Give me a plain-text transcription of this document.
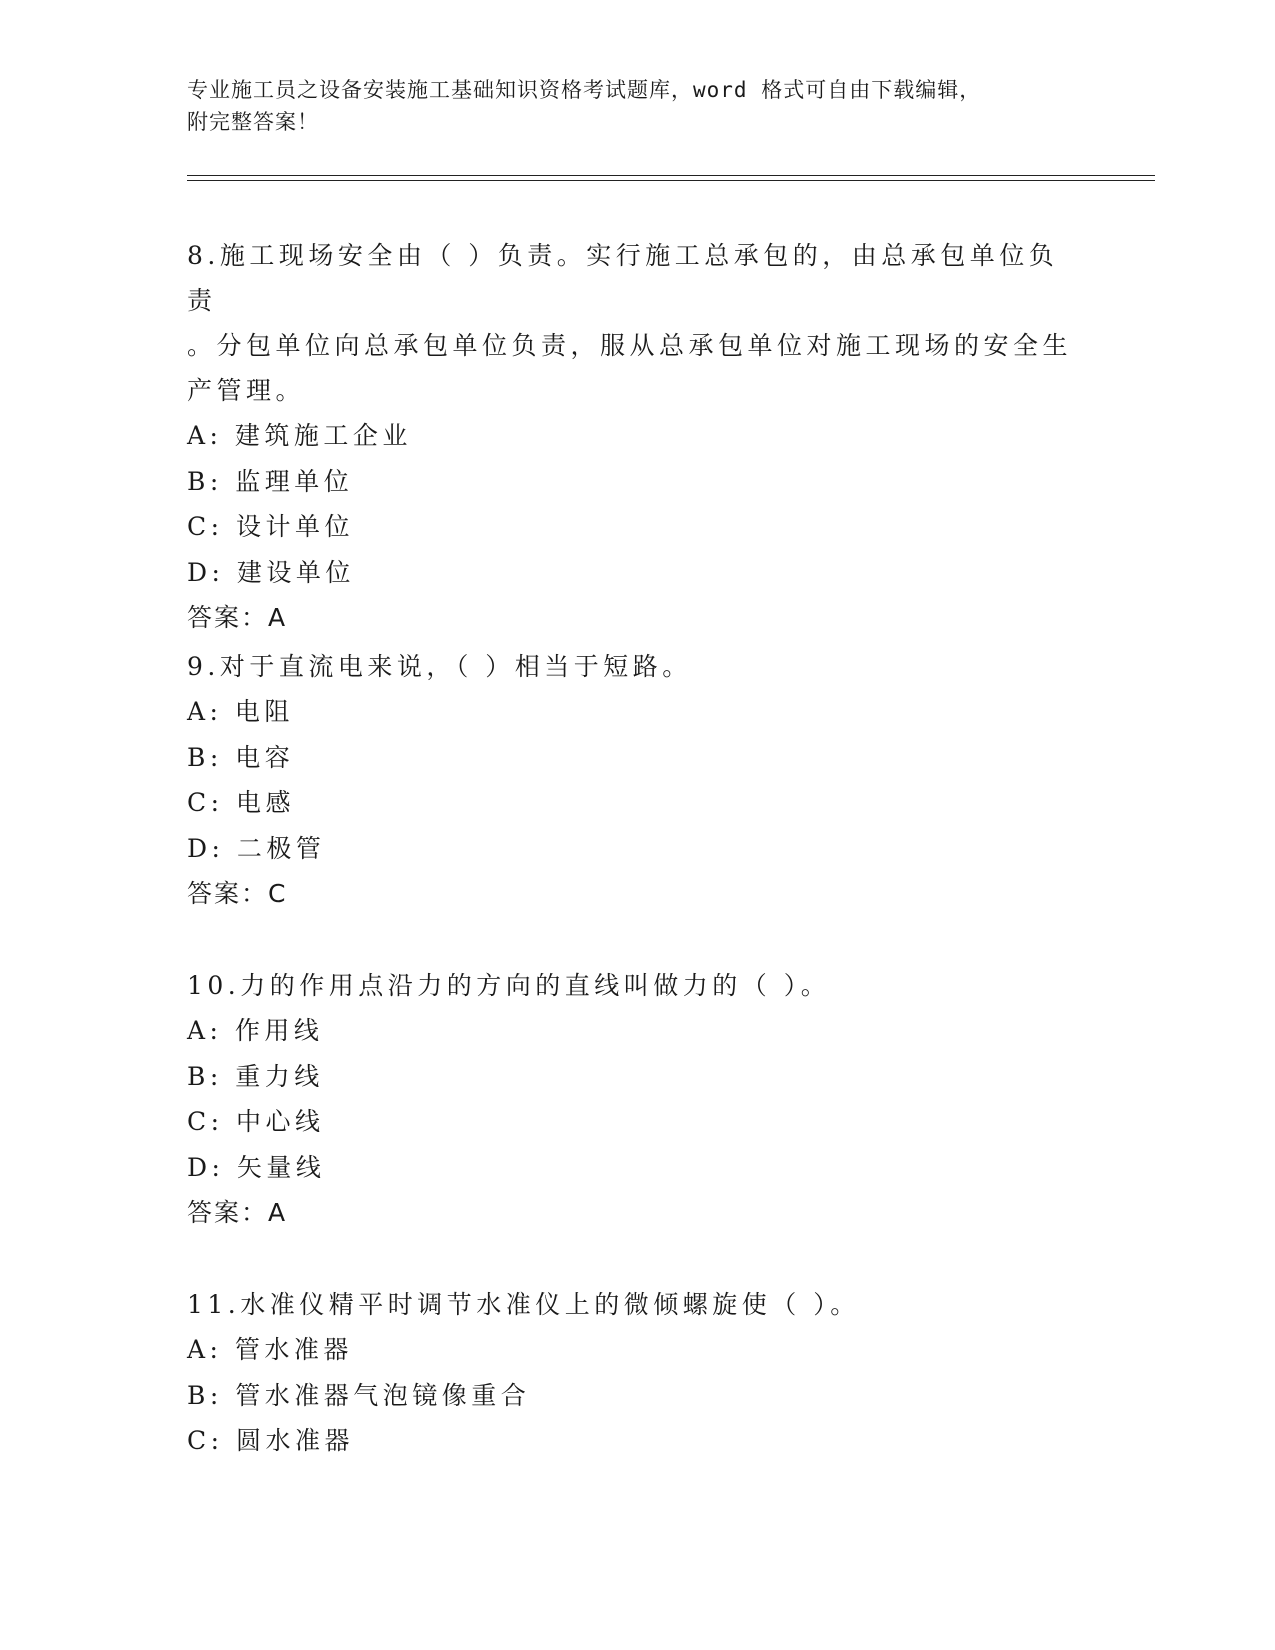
专业施工员之设备安装施工基础知识资格考试题库，word 格式可自由下载编辑，
附完整答案！

8.施工现场安全由（ ）负责。实行施工总承包的，由总承包单位负责

。分包单位向总承包单位负责，服从总承包单位对施工现场的安全生

产管理。

A: 建筑施工企业

B: 监理单位

C: 设计单位

D: 建设单位

答案：A

9.对于直流电来说，（ ）相当于短路。

A: 电阻

B: 电容

C: 电感

D: 二极管

答案：C

10.力的作用点沿力的方向的直线叫做力的（ ）。

A: 作用线

B: 重力线

C: 中心线

D: 矢量线

答案：A

11.水准仪精平时调节水准仪上的微倾螺旋使（ ）。

A: 管水准器

B: 管水准器气泡镜像重合

C: 圆水准器
